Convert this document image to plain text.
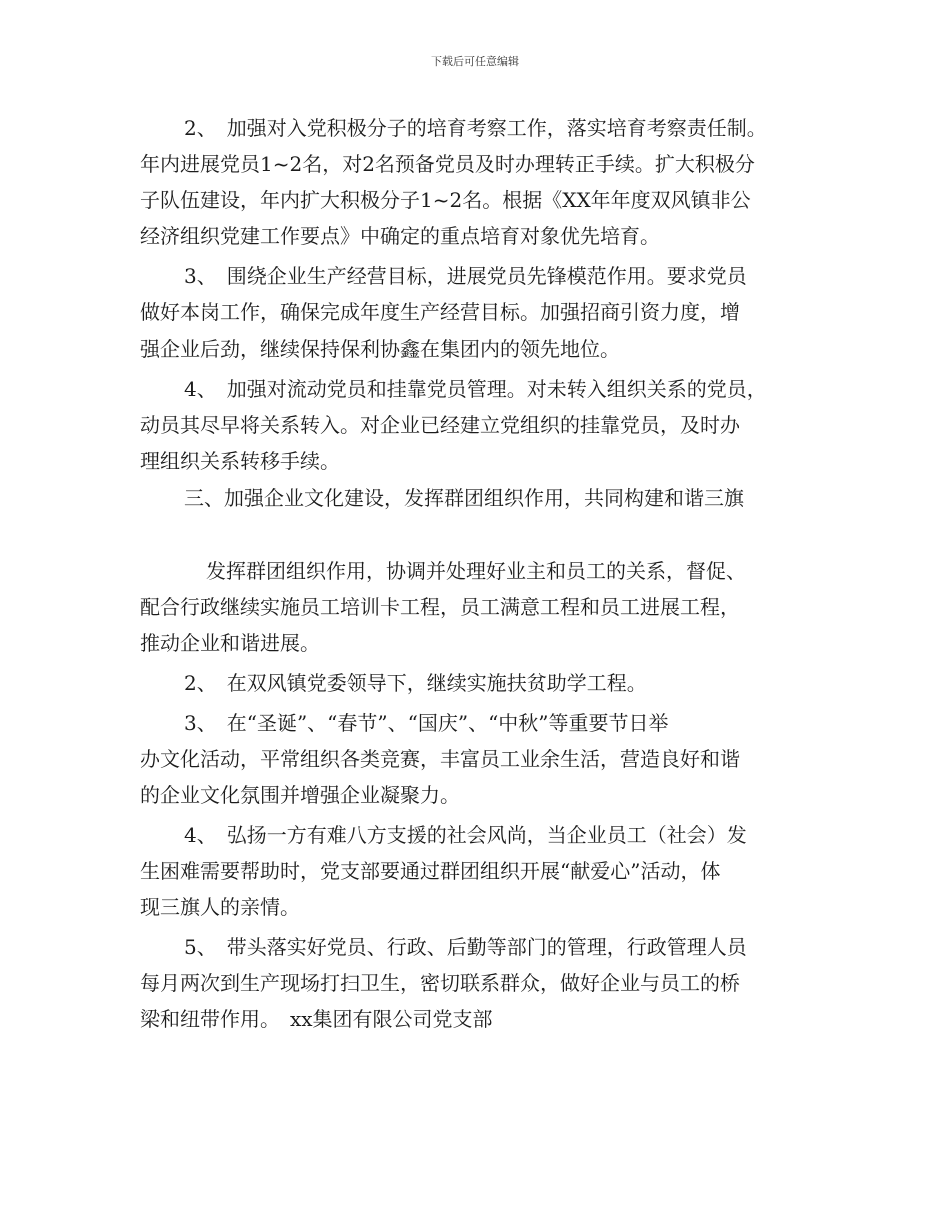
下载后可任意编辑
2、　加强对入党积极分子的培育考察工作，落实培育考察责任制。
年内进展党员1~2名，对2名预备党员及时办理转正手续。扩大积极分
子队伍建设，年内扩大积极分子1~2名。根据《XX年年度双风镇非公
经济组织党建工作要点》中确定的重点培育对象优先培育。
3、　围绕企业生产经营目标，进展党员先锋模范作用。要求党员
做好本岗工作，确保完成年度生产经营目标。加强招商引资力度，增
强企业后劲，继续保持保利协鑫在集团内的领先地位。
4、　加强对流动党员和挂靠党员管理。对未转入组织关系的党员，
动员其尽早将关系转入。对企业已经建立党组织的挂靠党员，及时办
理组织关系转移手续。
三、加强企业文化建设，发挥群团组织作用，共同构建和谐三旗
发挥群团组织作用，协调并处理好业主和员工的关系，督促、
配合行政继续实施员工培训卡工程，员工满意工程和员工进展工程，
推动企业和谐进展。
2、　在双风镇党委领导下，继续实施扶贫助学工程。
3、　在“圣诞”、“春节”、“国庆”、“中秋”等重要节日举
办文化活动，平常组织各类竞赛，丰富员工业余生活，营造良好和谐
的企业文化氛围并增强企业凝聚力。
4、　弘扬一方有难八方支援的社会风尚，当企业员工（社会）发
生困难需要帮助时，党支部要通过群团组织开展“献爱心”活动，体
现三旗人的亲情。
5、　带头落实好党员、行政、后勤等部门的管理，行政管理人员
每月两次到生产现场打扫卫生，密切联系群众，做好企业与员工的桥
梁和纽带作用。　xx集团有限公司党支部
